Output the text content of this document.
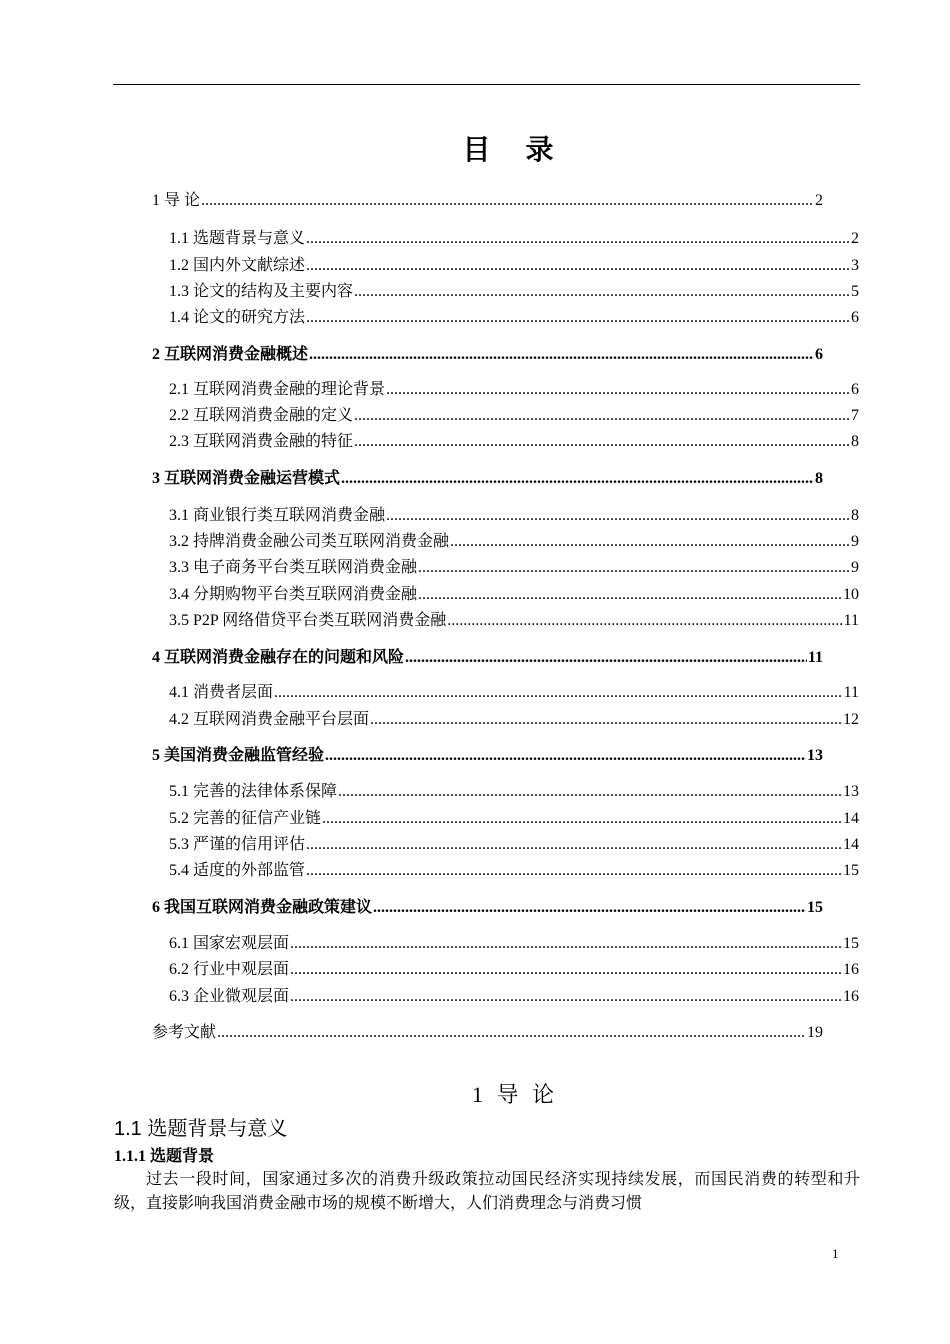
目 录
1 导 论 .....	2
1.1 选题背景与意义 .....	2
1.2 国内外文献综述 .....	3
1.3 论文的结构及主要内容 .....	5
1.4 论文的研究方法 .....	6
2 互联网消费金融概述 .....	6
2.1 互联网消费金融的理论背景 .....	6
2.2 互联网消费金融的定义 .....	7
2.3 互联网消费金融的特征 .....	8
3 互联网消费金融运营模式 .....	8
3.1 商业银行类互联网消费金融 .....	8
3.2 持牌消费金融公司类互联网消费金融 .....	9
3.3 电子商务平台类互联网消费金融 .....	9
3.4 分期购物平台类互联网消费金融 .....	10
3.5 P2P 网络借贷平台类互联网消费金融 .....	11
4 互联网消费金融存在的问题和风险 .....	11
4.1 消费者层面 .....	11
4.2 互联网消费金融平台层面 .....	12
5 美国消费金融监管经验 .....	13
5.1 完善的法律体系保障 .....	13
5.2 完善的征信产业链 .....	14
5.3 严谨的信用评估 .....	14
5.4 适度的外部监管 .....	15
6 我国互联网消费金融政策建议 .....	15
6.1 国家宏观层面 .....	15
6.2 行业中观层面 .....	16
6.3 企业微观层面 .....	16
参考文献 .....	19
1 导 论
1.1 选题背景与意义
1.1.1 选题背景
过去一段时间，国家通过多次的消费升级政策拉动国民经济实现持续发展，而国民消费的转型和升级，直接影响我国消费金融市场的规模不断增大，人们消费理念与消费习惯
1
